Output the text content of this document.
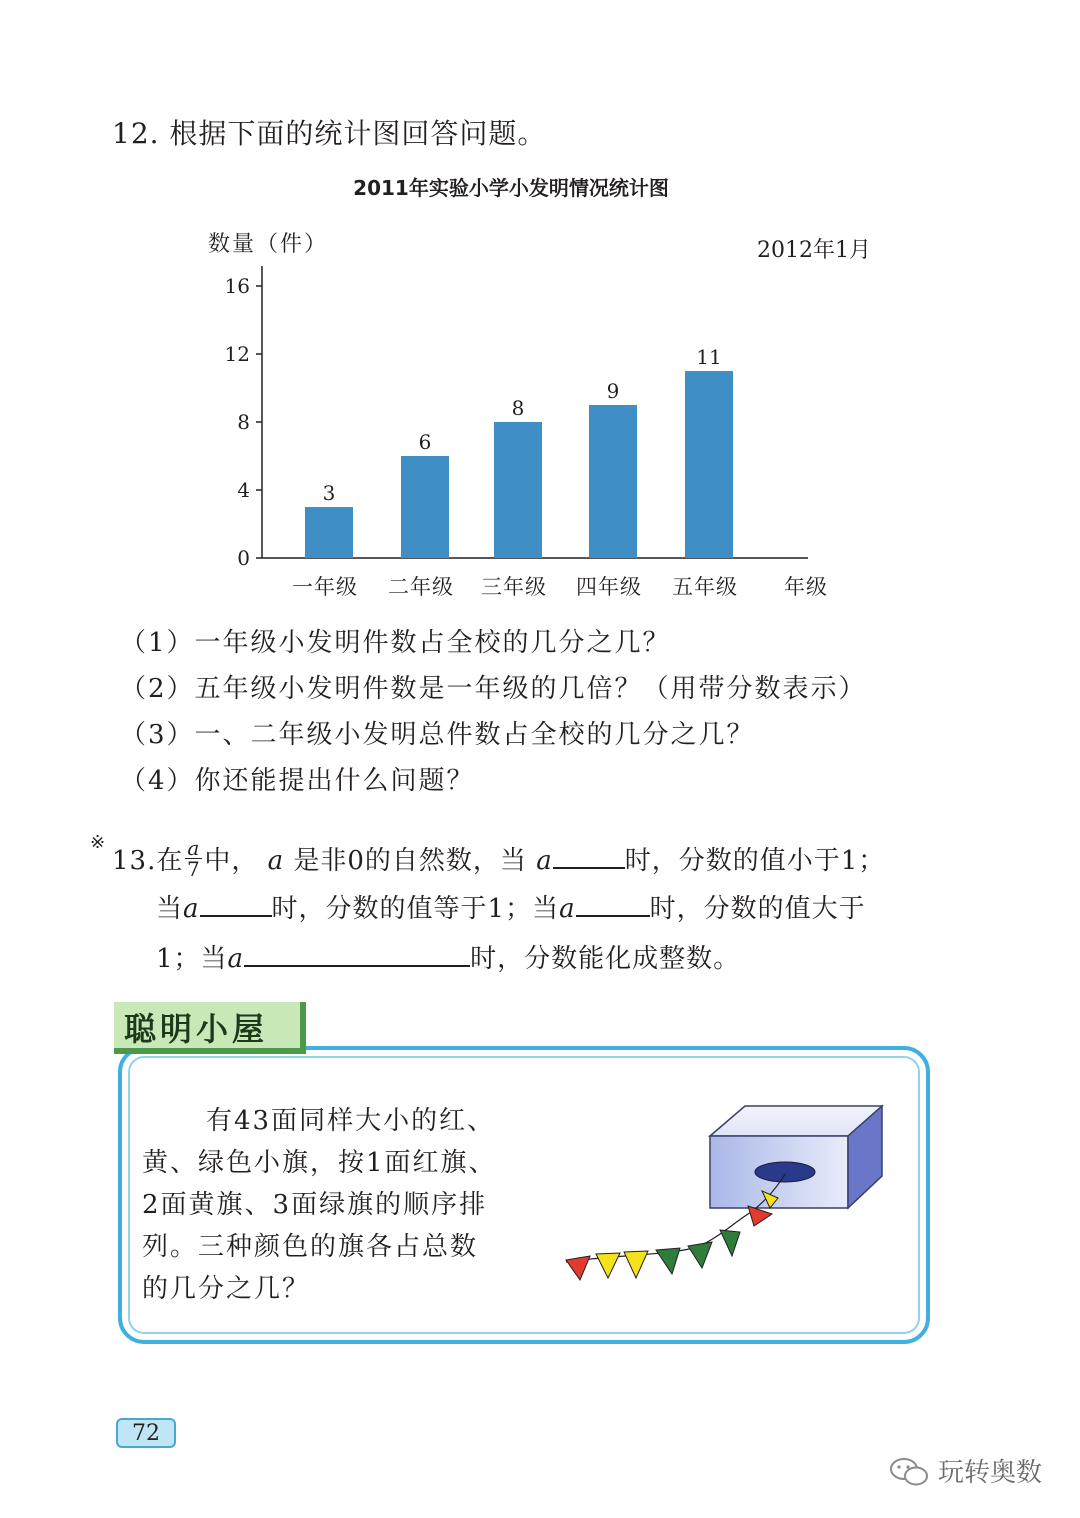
12. 根据下面的统计图回答问题。
2011年实验小学小发明情况统计图
数量（件）	2012年1月
0
4
8
12
16
3
一年级
6
二年级
8
三年级
9
四年级
11
五年级 年级
（1）一年级小发明件数占全校的几分之几？
（2）五年级小发明件数是一年级的几倍？（用带分数表示）
（3）一、二年级小发明总件数占全校的几分之几？
（4）你还能提出什么问题？
※
13.在 $\frac{a}{7}$ 中， a 是非0的自然数，当 a	时，分数的值小于1；
当a	时，分数的值等于1；当a	时，分数的值大于
1；当a	时，分数能化成整数。
聪明小屋
有43面同样大小的红、
黄、绿色小旗，按1面红旗、
2面黄旗、3面绿旗的顺序排
列。三种颜色的旗各占总数
的几分之几？
72
玩转奥数
